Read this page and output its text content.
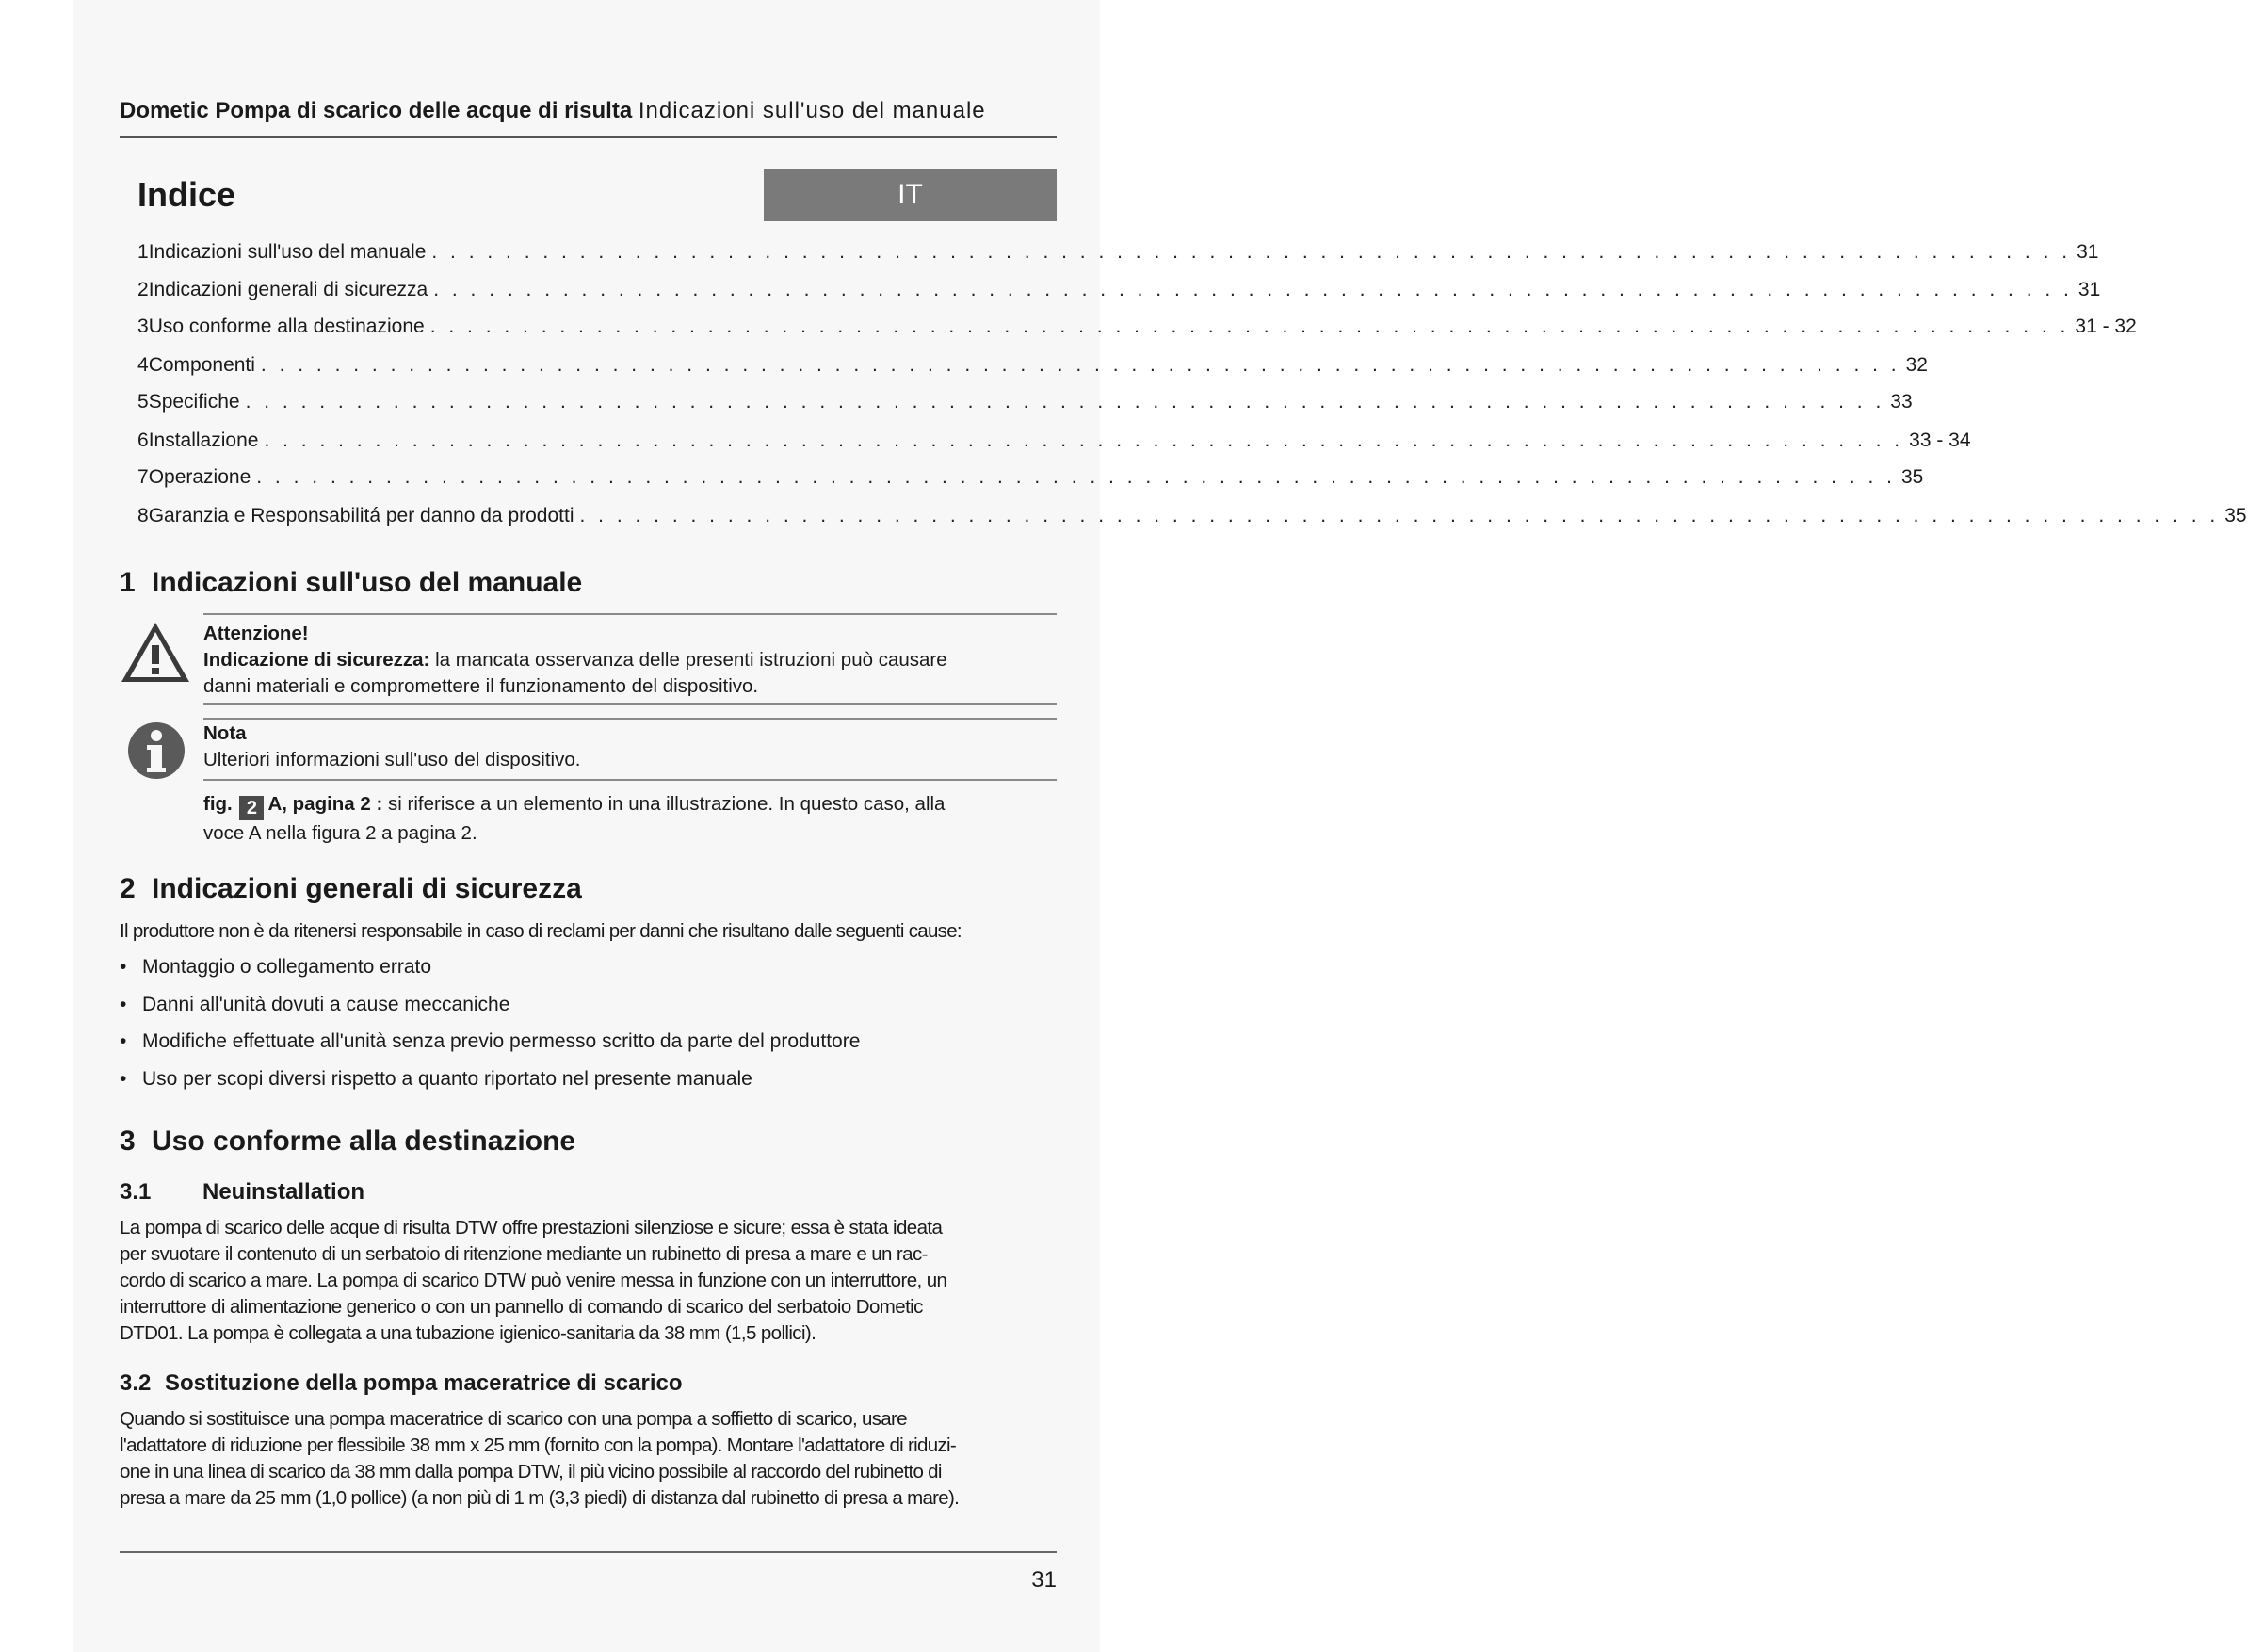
Dometic Pompa di scarico delle acque di risulta Indicazioni sull'uso del manuale
Indice	IT
1 Indicazioni sull'uso del manuale . . . . . . . . . . . . . . . . . . . . . . . . . . . . . . . . . . . . . . . . . . . . . . . . . . . . . . . . . . . . . . . . . . . . . . . . . . . . . . . . . . . . . . . . . 31
2 Indicazioni generali di sicurezza . . . . . . . . . . . . . . . . . . . . . . . . . . . . . . . . . . . . . . . . . . . . . . . . . . . . . . . . . . . . . . . . . . . . . . . . . . . . . . . . . . . . . . . . . 31
3 Uso conforme alla destinazione . . . . . . . . . . . . . . . . . . . . . . . . . . . . . . . . . . . . . . . . . . . . . . . . . . . . . . . . . . . . . . . . . . . . . . . . . . . . . . . . . . . . . . . . . 31 - 32
4 Componenti . . . . . . . . . . . . . . . . . . . . . . . . . . . . . . . . . . . . . . . . . . . . . . . . . . . . . . . . . . . . . . . . . . . . . . . . . . . . . . . . . . . . . . . . . 32
5 Specifiche . . . . . . . . . . . . . . . . . . . . . . . . . . . . . . . . . . . . . . . . . . . . . . . . . . . . . . . . . . . . . . . . . . . . . . . . . . . . . . . . . . . . . . . . . 33
6 Installazione . . . . . . . . . . . . . . . . . . . . . . . . . . . . . . . . . . . . . . . . . . . . . . . . . . . . . . . . . . . . . . . . . . . . . . . . . . . . . . . . . . . . . . . . . 33 - 34
7 Operazione . . . . . . . . . . . . . . . . . . . . . . . . . . . . . . . . . . . . . . . . . . . . . . . . . . . . . . . . . . . . . . . . . . . . . . . . . . . . . . . . . . . . . . . . . 35
8 Garanzia e Responsabilitá per danno da prodotti . . . . . . . . . . . . . . . . . . . . . . . . . . . . . . . . . . . . . . . . . . . . . . . . . . . . . . . . . . . . . . . . . . . . . . . . . . . . . . . . . . . . . . . . . 35
1 Indicazioni sull'uso del manuale
Attenzione!
Indicazione di sicurezza: la mancata osservanza delle presenti istruzioni può causare
danni materiali e compromettere il funzionamento del dispositivo.
Nota
Ulteriori informazioni sull'uso del dispositivo.
fig. 2 A, pagina 2 : si riferisce a un elemento in una illustrazione. In questo caso, alla
voce A nella figura 2 a pagina 2.
2 Indicazioni generali di sicurezza
Il produttore non è da ritenersi responsabile in caso di reclami per danni che risultano dalle seguenti cause:
• Montaggio o collegamento errato
• Danni all'unità dovuti a cause meccaniche
• Modifiche effettuate all'unità senza previo permesso scritto da parte del produttore
• Uso per scopi diversi rispetto a quanto riportato nel presente manuale
3 Uso conforme alla destinazione
3.1 Neuinstallation
La pompa di scarico delle acque di risulta DTW offre prestazioni silenziose e sicure; essa è stata ideata
per svuotare il contenuto di un serbatoio di ritenzione mediante un rubinetto di presa a mare e un rac-
cordo di scarico a mare. La pompa di scarico DTW può venire messa in funzione con un interruttore, un
interruttore di alimentazione generico o con un pannello di comando di scarico del serbatoio Dometic
DTD01. La pompa è collegata a una tubazione igienico-sanitaria da 38 mm (1,5 pollici).
3.2 Sostituzione della pompa maceratrice di scarico
Quando si sostituisce una pompa maceratrice di scarico con una pompa a soffietto di scarico, usare
l'adattatore di riduzione per flessibile 38 mm x 25 mm (fornito con la pompa). Montare l'adattatore di riduzi-
one in una linea di scarico da 38 mm dalla pompa DTW, il più vicino possibile al raccordo del rubinetto di
presa a mare da 25 mm (1,0 pollice) (a non più di 1 m (3,3 piedi) di distanza dal rubinetto di presa a mare).
31
